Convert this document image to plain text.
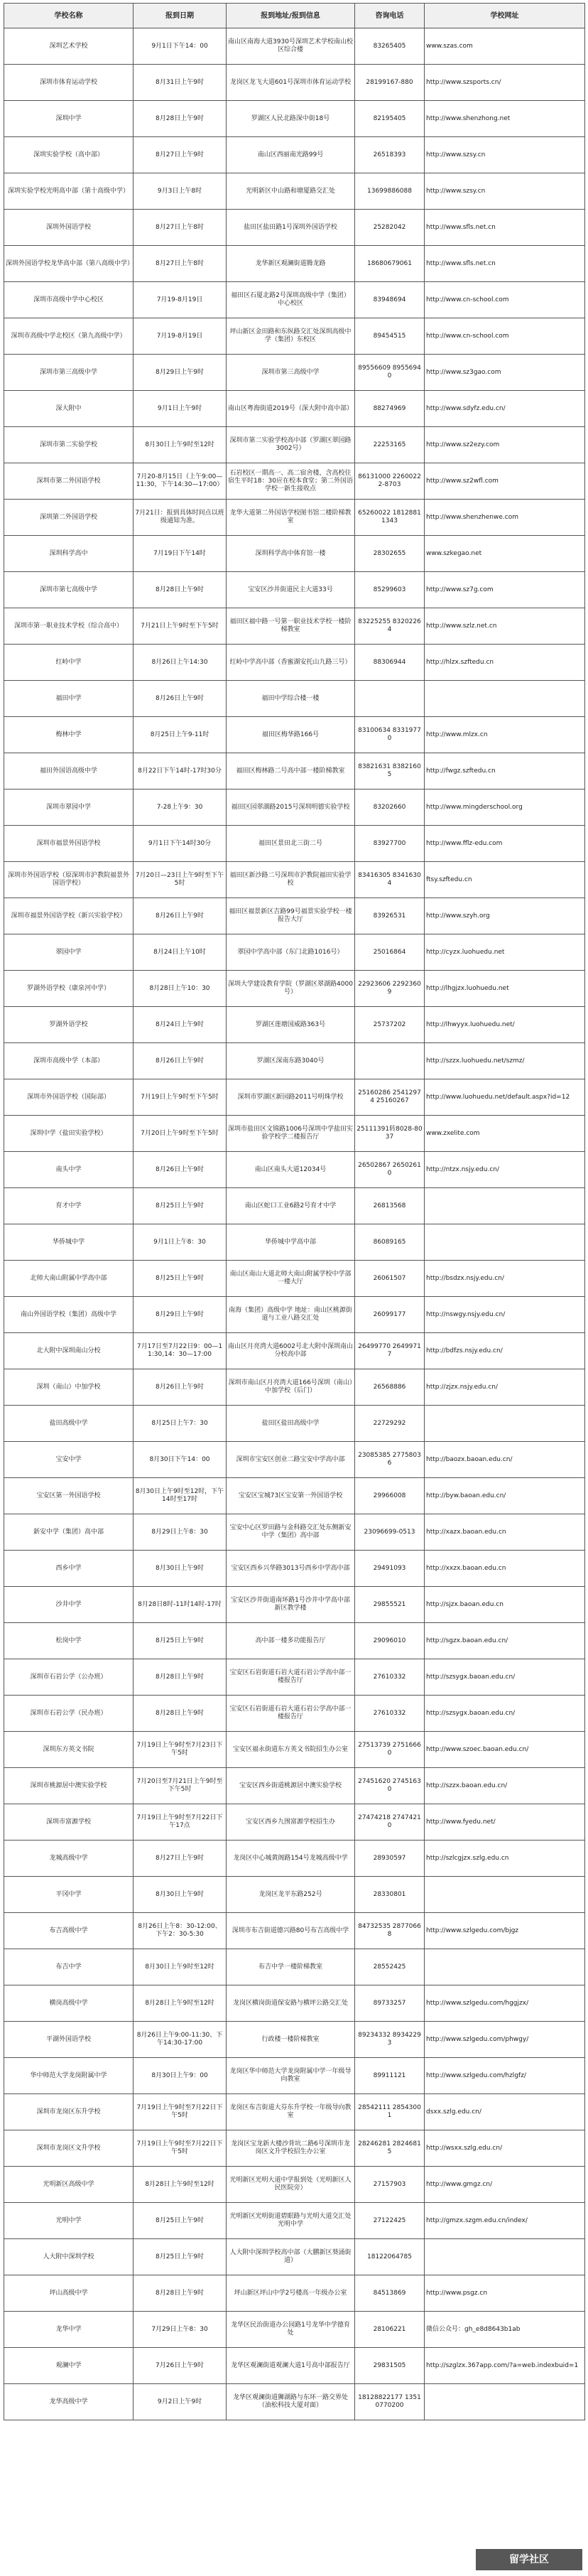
学校名称	报到日期	报到地址/报到信息	咨询电话	学校网址
深圳艺术学校	9月1日下午14：00	南山区南海大道3930号深圳艺术学校南山校区综合楼	83265405	www.szas.com
深圳市体育运动学校	8月31日上午9时	龙岗区龙飞大道601号深圳市体育运动学校	28199167-880	http://www.szsports.cn/
深圳中学	8月28日上午9时	罗湖区人民北路深中街18号	82195405	http://www.shenzhong.net
深圳实验学校（高中部）	8月27日上午9时	南山区西丽南光路99号	26518393	http://www.szsy.cn
深圳实验学校光明高中部（第十高级中学）	9月3日上午8时	光明新区中山路和塘厦路交汇处	13699886088	http://www.szsy.cn
深圳外国语学校	8月27日上午8时	盐田区盐田路1号深圳外国语学校	25282042	http://www.sfls.net.cn
深圳外国语学校龙华高中部（第八高级中学）	8月27日上午8时	龙华新区观澜街道腾龙路	18680679061	http://www.sfls.net.cn
深圳市高级中学中心校区	7月19-8月19日	福田区石厦北路2号深圳高级中学（集团）中心校区	83948694	http://www.cn-school.com
深圳市高级中学北校区（第九高级中学）	7月19-8月19日	坪山新区金田路和东纵路交汇处深圳高级中学（集团）东校区	89454515	http://www.cn-school.com
深圳市第三高级中学	8月29日上午9时	深圳市第三高级中学	89556609 89556940	http://www.sz3gao.com
深大附中	9月1日上午9时	南山区粤海街道2019号（深大附中高中部）	88274969	http://www.sdyfz.edu.cn/
深圳市第二实验学校	8月30日上午9时至12时	深圳市第二实验学校高中部（罗湖区翠园路3002号）	22253165	http://www.sz2ezy.com
深圳市第二外国语学校	7月20-8月15日（上午9:00—11:30，下午14:30—17:00）	石岩校区一期高一、高二宿舍楼，含高校住宿生平时18：30应在校本食堂；第二外国语学校一新生接收点	86131000 22600222-8703	http://www.sz2wfl.com
深圳第二外国语学校	7月21日：报到具体时间点以班级通知为准。	龙华大道第二外国语学校图书馆二楼阶梯教室	65260022 18128811343	http://www.shenzhenwe.com
深圳科学高中	7月19日下午14时	深圳科学高中体育馆一楼	28302655	www.szkegao.net
深圳市第七高级中学	8月28日上午9时	宝安区沙井街道民主大道33号	85299603	http://www.sz7g.com
深圳市第一职业技术学校（综合高中）	7月21日上午9时至下午5时	福田区福中路一号第一职业技术学校一楼阶梯教室	83225255 83202264	http://www.szlz.net.cn
红岭中学	8月26日上午14:30	红岭中学高中部（香蜜湖安托山九路三号）	88306944	http://hlzx.szftedu.cn
福田中学	8月26日上午9时	福田中学综合楼一楼		
梅林中学	8月25日上午9-11时	福田区梅华路166号	83100634 83319770	http://www.mlzx.cn
福田外国语高级中学	8月22日下午14时-17时30分	福田区梅林路二号高中部一楼阶梯教室	83821631 83821605	http://fwgz.szftedu.cn
深圳市翠园中学	7-28上午9：30	福田区园翠湖路2015号深圳明德实验学校	83202660	http://www.mingderschool.org
深圳市福景外国语学校	9月1日下午14时30分	福田区景田北三街二号	83927700	http://www.fflz-edu.com
深圳市外国语学校（原深圳市沪教院福景外国语学校）	7月20日—23日上午9时至下午5时	福田区新沙路二号深圳市沪教院福田实验学校	83416305 83416304	ftsy.szftedu.cn
深圳市福景外国语学校（新兴实验学校）	8月26日上午9时	福田区福景新区吉路99号福景实验学校一楼报告大厅	83926531	http://www.szyh.org
翠园中学	8月24日上午10时	翠园中学高中部（东门北路1016号）	25016864	http://cyzx.luohuedu.net
罗湖外语学校（康泉河中学）	8月28日上午10：30	深圳大学建设教育学院（罗湖区翠湖路4000号）	22923606 22923609	http://lhgjzx.luohuedu.net
罗湖外语学校	8月24日上午9时	罗湖区莲塘国威路363号	25737202	http://lhwyyx.luohuedu.net/
深圳市高级中学（本部）	8月26日上午9时	罗湖区深南东路3040号		http://szzx.luohuedu.net/szmz/
深圳市外国语学校（国际部）	7月19日上午9时至下午5时	深圳市罗湖区新园路2011号明珠学校	25160286 25412974 25160267	http://www.luohuedu.net/default.aspx?id=12
深圳中学（盐田实验学校）	7月20日上午9时至下午5时	深圳市盐田区文锦路1006号深圳中学盐田实验学校学二楼报告厅	25111391转8028-8037	www.zxelite.com
南头中学	8月26日上午9时	南山区南头大道12034号	26502867 26502610	http://ntzx.nsjy.edu.cn/
育才中学	8月25日上午9时	南山区蛇口工业6路2号育才中学	26813568	
华侨城中学	9月1日上午8：30	华侨城中学高中部	86089165	
北师大南山附属中学高中部	8月25日上午9时	南山区南山大道北师大南山附属学校中学部一楼大厅	26061507	http://bsdzx.nsjy.edu.cn/
南山外国语学校（集团）高级中学	8月29日上午9时	南海（集团）高级中学 地址：南山区桃源街道与工业八路交汇处	26099177	http://nswgy.nsjy.edu.cn/
北大附中深圳南山分校	7月17日至7月22日9：00—11:30,14：30—17:00	南山区月亮湾大道6002号北大附中深圳南山分校高中部	26499770 26499717	http://bdfzs.nsjy.edu.cn/
深圳（南山）中加学校	8月26日上午9时	深圳市南山区月亮湾大道166号深圳（南山）中加学校（后门）	26568886	http://zjzx.nsjy.edu.cn/
盐田高级中学	8月25日上午7：30	盐田区盐田高级中学	22729292	
宝安中学	8月30日下午14：00	深圳市宝安区创业二路宝安中学高中部	23085385 27758036	http://baozx.baoan.edu.cn/
宝安区第一外国语学校	8月30日上午9时至12时，下午14时至17时	宝安区宝城73区宝安第一外国语学校	29966008	http://byw.baoan.edu.cn/
新安中学（集团）高中部	8月29日上午8：30	宝安中心区罗田路与金科路交汇处东侧新安中学（集团）高中部	23096699-0513	http://xazx.baoan.edu.cn
西乡中学	8月30日上午9时	宝安区西乡兴华路3013号西乡中学高中部	29491093	http://xxzx.baoan.edu.cn
沙井中学	8月28日8时-11时14时-17时	宝安区沙井街道南环路1号沙井中学高中部新区教学楼	29855521	http://sjzx.baoan.edu.cn
松岗中学	8月25日上午9时	高中部一楼多功能报告厅	29096010	http://sgzx.baoan.edu.cn/
深圳市石岩公学（公办班）	8月28日上午9时	宝安区石岩街道石岩大道石岩公学高中部一楼报告厅	27610332	http://szsygx.baoan.edu.cn/
深圳市石岩公学（民办班）	8月28日上午9时	宝安区石岩街道石岩大道石岩公学高中部一楼报告厅	27610332	http://szsygx.baoan.edu.cn/
深圳东方英文书院	7月19日上午9时至7月23日下午5时	宝安区福永街道东方英文书院招生办公室	27513739 27516660	http://www.szoec.baoan.edu.cn/
深圳市桃源居中澳实验学校	7月20日至7月21日上午9时至下午5时	宝安区西乡街道桃源居中澳实验学校	27451620 27451630	http://szzx.baoan.edu.cn/
深圳市富源学校	7月19日上午9时至7月22日下午17点	宝安区西乡九围富源学校招生办	27474218 27474210	http://www.fyedu.net/
龙城高级中学	8月27日上午9时	龙岗区中心城黄阁路154号龙城高级中学	28930597	http://szlcgjzx.szlg.edu.cn
平冈中学	8月30日上午9时	龙岗区龙平东路252号	28330801	
布吉高级中学	8月26日上午8：30-12:00、下午2：30-5:30	深圳市布吉街道德兴路80号布吉高级中学	84732535 28770668	http://www.szlgedu.com/bjgz
布吉中学	8月30日上午9时至12时	布吉中学一楼阶梯教室	28552425	
横岗高级中学	8月28日上午9时至12时	龙岗区横岗街道保安路与横坪公路交汇处	89733257	http://www.szlgedu.com/hggjzx/
平湖外国语学校	8月26日上午9:00-11:30、下午14:30-17:00	行政楼一楼阶梯教室	89234332 89342293	http://www.szlgedu.com/phwgy/
华中师范大学龙岗附属中学	8月30日上午9：00	龙岗区华中师范大学龙岗附属中学一年级导向教室	89911121	http://www.szlgedu.com/hzlgfz/
深圳市龙岗区东升学校	7月19日上午9时至7月22日下午5时	龙岗区布吉街道大芬东升学校一年级导向教室	28542111 28543001	dsxx.szlg.edu.cn/
深圳市龙岗区文升学校	7月19日上午9时至7月22日下午5时	龙岗区宝龙新大楼沙背坑二路6号深圳市龙岗区文升学校招生办公室	28246281 28246815	http://wsxx.szlg.edu.cn/
光明新区高级中学	8月28日上午9时至12时	光明新区光明大道中学报到处（光明新区人民医院旁）	27157903	http://www.gmgz.cn/
光明中学	8月25日上午9时	光明新区光明街道碧眼路与光明大道交汇处光明中学	27122425	http://gmzx.szgm.edu.cn/index/
人大附中深圳学校	8月25日上午9时	人大附中深圳学校高中部（大鹏新区葵涌街道）	18122064785	
坪山高级中学	8月28日上午9时	坪山新区坪山中学2号楼高一年级办公室	84513869	http://www.psgz.cn
龙华中学	7月29日上午8：30	龙华区民治街道办公园路1号龙华中学德育处	28106221	微信公众号：gh_e8d8643b1ab
观澜中学	7月26日上午9时	龙华区观澜街道观澜大道1号高中部报告厅	29831505	http://szglzx.367app.com/?a=web.indexbuid=1
龙华高级中学	9月2日上午9时	龙华区观澜街道狮湖路与东环一路交界处（油松科技大厦对面）	18128822177 13510770200	
留学社区
